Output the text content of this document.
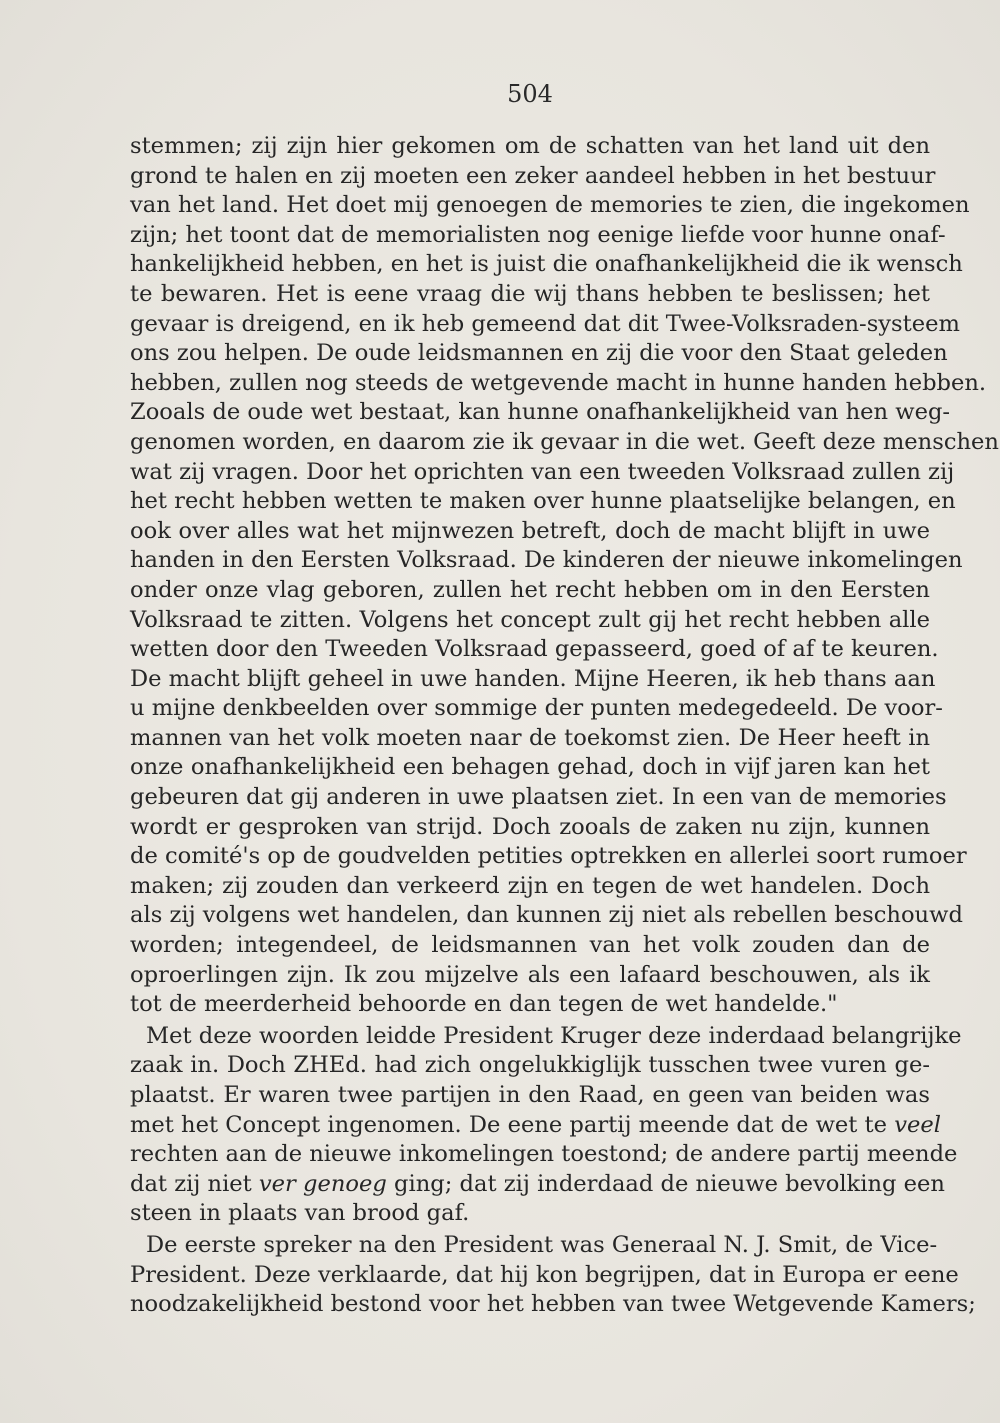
504
stemmen; zij zijn hier gekomen om de schatten van het land uit den
grond te halen en zij moeten een zeker aandeel hebben in het bestuur
van het land. Het doet mij genoegen de memories te zien, die ingekomen
zijn; het toont dat de memorialisten nog eenige liefde voor hunne onaf-
hankelijkheid hebben, en het is juist die onafhankelijkheid die ik wensch
te bewaren. Het is eene vraag die wij thans hebben te beslissen; het
gevaar is dreigend, en ik heb gemeend dat dit Twee-Volksraden-systeem
ons zou helpen. De oude leidsmannen en zij die voor den Staat geleden
hebben, zullen nog steeds de wetgevende macht in hunne handen hebben.
Zooals de oude wet bestaat, kan hunne onafhankelijkheid van hen weg-
genomen worden, en daarom zie ik gevaar in die wet. Geeft deze menschen
wat zij vragen. Door het oprichten van een tweeden Volksraad zullen zij
het recht hebben wetten te maken over hunne plaatselijke belangen, en
ook over alles wat het mijnwezen betreft, doch de macht blijft in uwe
handen in den Eersten Volksraad. De kinderen der nieuwe inkomelingen
onder onze vlag geboren, zullen het recht hebben om in den Eersten
Volksraad te zitten. Volgens het concept zult gij het recht hebben alle
wetten door den Tweeden Volksraad gepasseerd, goed of af te keuren.
De macht blijft geheel in uwe handen. Mijne Heeren, ik heb thans aan
u mijne denkbeelden over sommige der punten medegedeeld. De voor-
mannen van het volk moeten naar de toekomst zien. De Heer heeft in
onze onafhankelijkheid een behagen gehad, doch in vijf jaren kan het
gebeuren dat gij anderen in uwe plaatsen ziet. In een van de memories
wordt er gesproken van strijd. Doch zooals de zaken nu zijn, kunnen
de comité's op de goudvelden petities optrekken en allerlei soort rumoer
maken; zij zouden dan verkeerd zijn en tegen de wet handelen. Doch
als zij volgens wet handelen, dan kunnen zij niet als rebellen beschouwd
worden; integendeel, de leidsmannen van het volk zouden dan de
oproerlingen zijn. Ik zou mijzelve als een lafaard beschouwen, als ik
tot de meerderheid behoorde en dan tegen de wet handelde."
Met deze woorden leidde President Kruger deze inderdaad belangrijke
zaak in. Doch ZHEd. had zich ongelukkiglijk tusschen twee vuren ge-
plaatst. Er waren twee partijen in den Raad, en geen van beiden was
met het Concept ingenomen. De eene partij meende dat de wet te veel
rechten aan de nieuwe inkomelingen toestond; de andere partij meende
dat zij niet ver genoeg ging; dat zij inderdaad de nieuwe bevolking een
steen in plaats van brood gaf.
De eerste spreker na den President was Generaal N. J. Smit, de Vice-
President. Deze verklaarde, dat hij kon begrijpen, dat in Europa er eene
noodzakelijkheid bestond voor het hebben van twee Wetgevende Kamers;
